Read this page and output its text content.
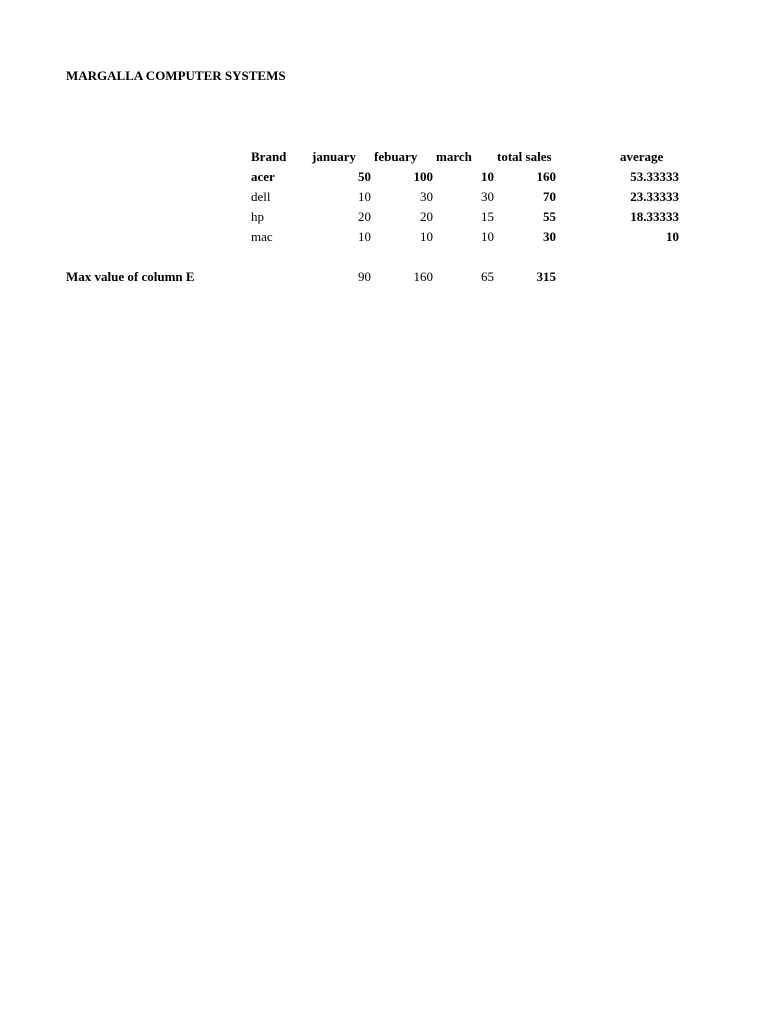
MARGALLA COMPUTER SYSTEMS
Brand january febuary march total sales	average
acer	50	100	10	160	53.33333
dell	10	30	30	70	23.33333
hp	20	20	15	55	18.33333
mac	10	10	10	30	10
Max value of column E	90	160	65	315
